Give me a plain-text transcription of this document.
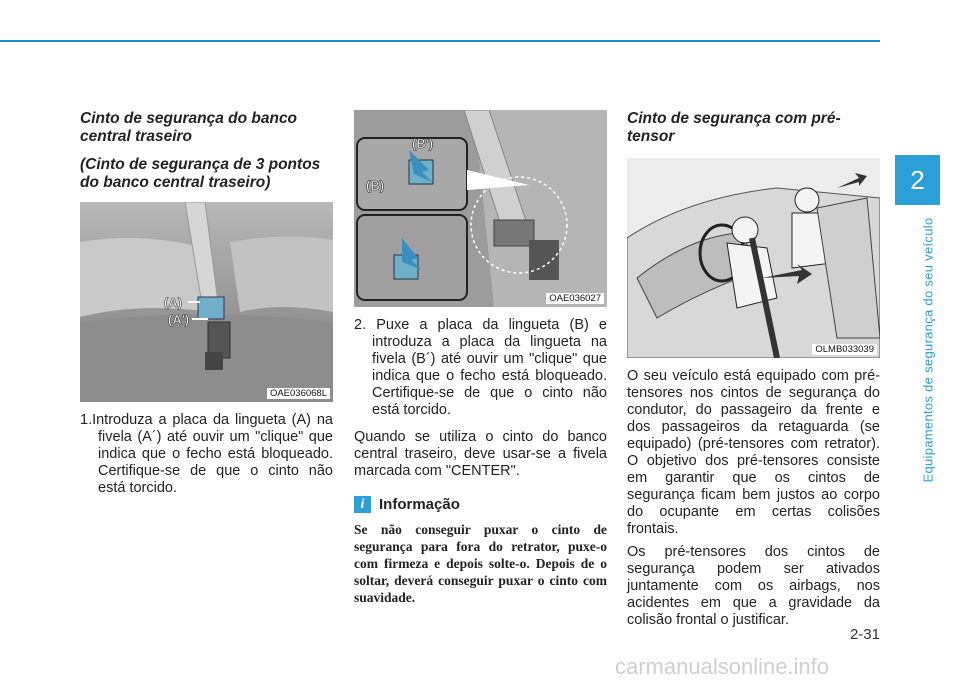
2
Equipamentos de segurança do seu veículo

Cinto de segurança do banco central traseiro

(Cinto de segurança de 3 pontos do banco central traseiro)

(A)
(A')
OAE036068L

1.Introduza a placa da lingueta (A) na fivela (A´) até ouvir um "clique" que indica que o fecho está bloqueado. Certifique-se de que o cinto não está torcido.

(B')
(B)
OAE036027

2. Puxe a placa da lingueta (B) e introduza a placa da lingueta na fivela (B´) até ouvir um "clique" que indica que o fecho está bloqueado. Certifique-se de que o cinto não está torcido.

Quando se utiliza o cinto do banco central traseiro, deve usar-se a fivela marcada com "CENTER".

i Informação

Se não conseguir puxar o cinto de segurança para fora do retrator, puxe-o com firmeza e depois solte-o. Depois de o soltar, deverá conseguir puxar o cinto com suavidade.

Cinto de segurança com pré-tensor

OLMB033039

O seu veículo está equipado com pré-tensores nos cintos de segurança do condutor, do passageiro da frente e dos passageiros da retaguarda (se equipado) (pré-tensores com retrator). O objetivo dos pré-tensores consiste em garantir que os cintos de segurança ficam bem justos ao corpo do ocupante em certas colisões frontais.

Os pré-tensores dos cintos de segurança podem ser ativados juntamente com os airbags, nos acidentes em que a gravidade da colisão frontal o justificar.

2-31
carmanualsonline.info
